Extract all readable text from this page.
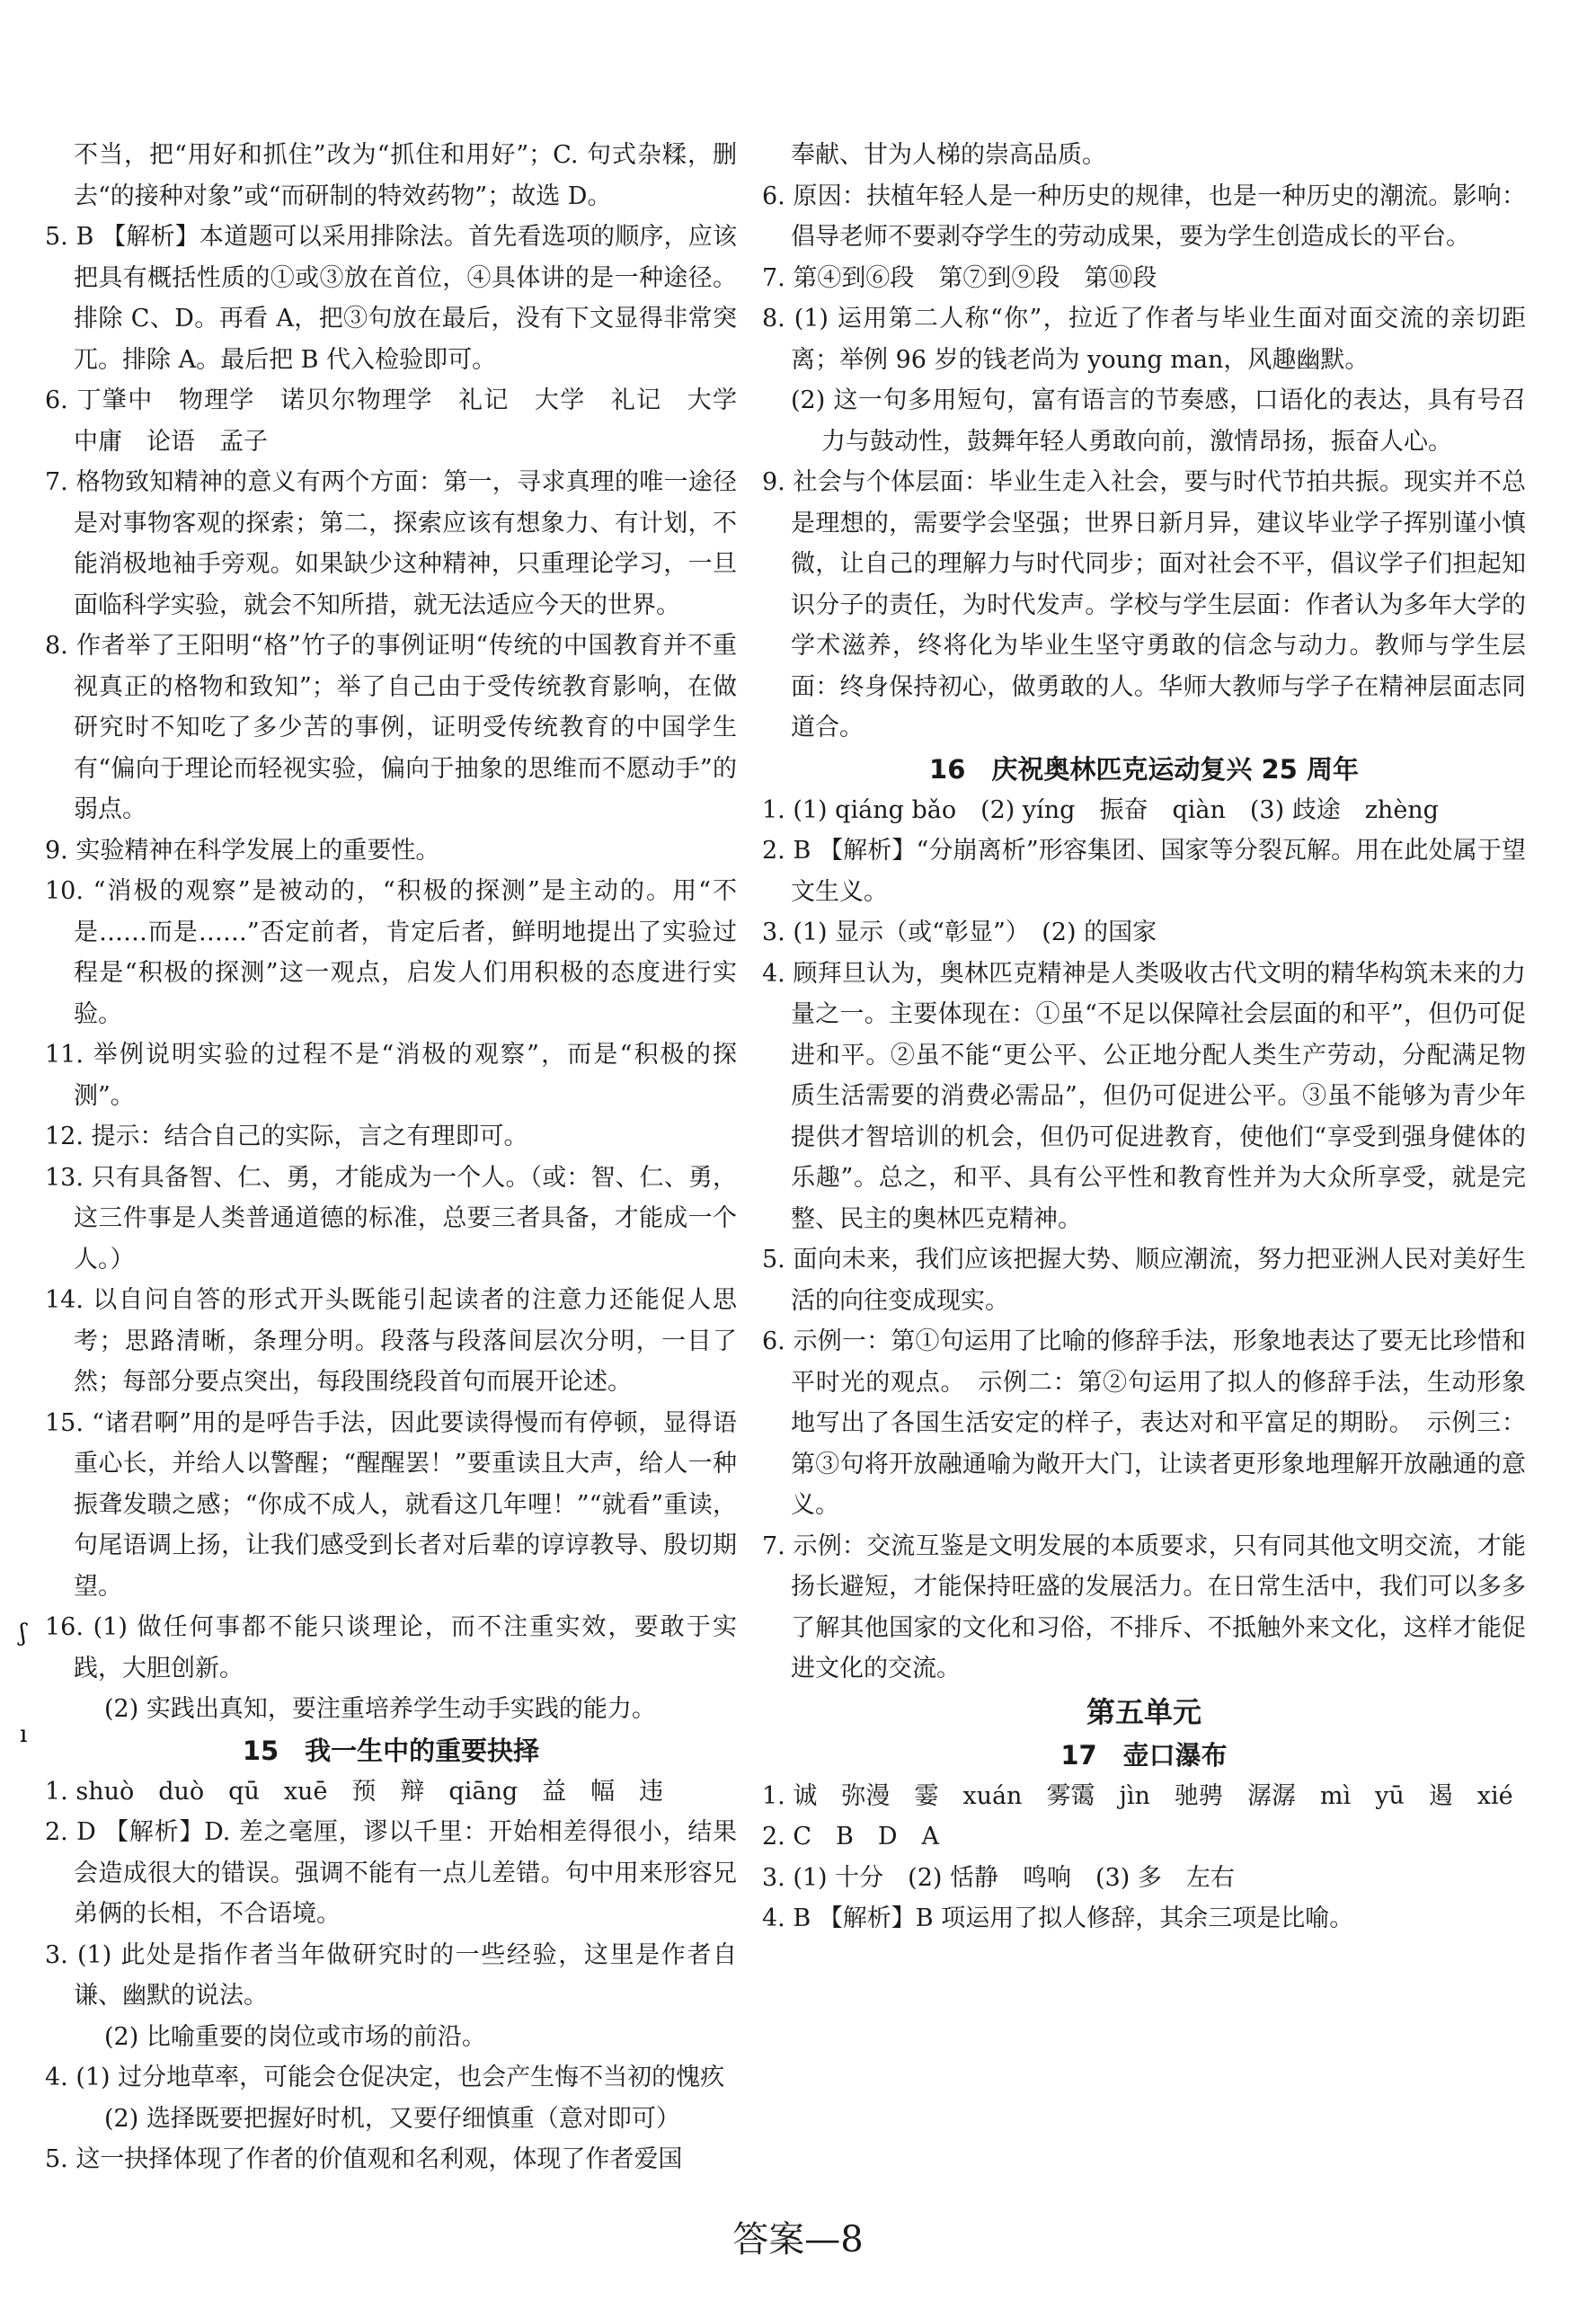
不当，把“用好和抓住”改为“抓住和用好”；C. 句式杂糅，删去“的接种对象”或“而研制的特效药物”；故选 D。
5. B 【解析】本道题可以采用排除法。首先看选项的顺序，应该把具有概括性质的①或③放在首位，④具体讲的是一种途径。排除 C、D。再看 A，把③句放在最后，没有下文显得非常突兀。排除 A。最后把 B 代入检验即可。
6. 丁肇中　物理学　诺贝尔物理学　礼记　大学　礼记　大学　中庸　论语　孟子
7. 格物致知精神的意义有两个方面：第一，寻求真理的唯一途径是对事物客观的探索；第二，探索应该有想象力、有计划，不能消极地袖手旁观。如果缺少这种精神，只重理论学习，一旦面临科学实验，就会不知所措，就无法适应今天的世界。
8. 作者举了王阳明“格”竹子的事例证明“传统的中国教育并不重视真正的格物和致知”；举了自己由于受传统教育影响，在做研究时不知吃了多少苦的事例，证明受传统教育的中国学生有“偏向于理论而轻视实验，偏向于抽象的思维而不愿动手”的弱点。
9. 实验精神在科学发展上的重要性。
10. “消极的观察”是被动的，“积极的探测”是主动的。用“不是……而是……”否定前者，肯定后者，鲜明地提出了实验过程是“积极的探测”这一观点，启发人们用积极的态度进行实验。
11. 举例说明实验的过程不是“消极的观察”，而是“积极的探测”。
12. 提示：结合自己的实际，言之有理即可。
13. 只有具备智、仁、勇，才能成为一个人。（或：智、仁、勇，这三件事是人类普通道德的标准，总要三者具备，才能成一个人。）
14. 以自问自答的形式开头既能引起读者的注意力还能促人思考；思路清晰，条理分明。段落与段落间层次分明，一目了然；每部分要点突出，每段围绕段首句而展开论述。
15. “诸君啊”用的是呼告手法，因此要读得慢而有停顿，显得语重心长，并给人以警醒；“醒醒罢！”要重读且大声，给人一种振聋发聩之感；“你成不成人，就看这几年哩！”“就看”重读，句尾语调上扬，让我们感受到长者对后辈的谆谆教导、殷切期望。
16. (1) 做任何事都不能只谈理论，而不注重实效，要敢于实践，大胆创新。
(2) 实践出真知，要注重培养学生动手实践的能力。
15　我一生中的重要抉择
1. shuò　duò　qū　xuē　预　辩　qiāng　益　幅　违
2. D 【解析】D. 差之毫厘，谬以千里：开始相差得很小，结果会造成很大的错误。强调不能有一点儿差错。句中用来形容兄弟俩的长相，不合语境。
3. (1) 此处是指作者当年做研究时的一些经验，这里是作者自谦、幽默的说法。
(2) 比喻重要的岗位或市场的前沿。
4. (1) 过分地草率，可能会仓促决定，也会产生悔不当初的愧疚
(2) 选择既要把握好时机，又要仔细慎重（意对即可）
5. 这一抉择体现了作者的价值观和名利观，体现了作者爱国
奉献、甘为人梯的崇高品质。
6. 原因：扶植年轻人是一种历史的规律，也是一种历史的潮流。影响：倡导老师不要剥夺学生的劳动成果，要为学生创造成长的平台。
7. 第④到⑥段　第⑦到⑨段　第⑩段
8. (1) 运用第二人称“你”，拉近了作者与毕业生面对面交流的亲切距离；举例 96 岁的钱老尚为 young man，风趣幽默。
(2) 这一句多用短句，富有语言的节奏感，口语化的表达，具有号召力与鼓动性，鼓舞年轻人勇敢向前，激情昂扬，振奋人心。
9. 社会与个体层面：毕业生走入社会，要与时代节拍共振。现实并不总是理想的，需要学会坚强；世界日新月异，建议毕业学子挥别谨小慎微，让自己的理解力与时代同步；面对社会不平，倡议学子们担起知识分子的责任，为时代发声。学校与学生层面：作者认为多年大学的学术滋养，终将化为毕业生坚守勇敢的信念与动力。教师与学生层面：终身保持初心，做勇敢的人。华师大教师与学子在精神层面志同道合。
16　庆祝奥林匹克运动复兴 25 周年
1. (1) qiáng bǎo　(2) yíng　振奋　qiàn　(3) 歧途　zhèng
2. B 【解析】“分崩离析”形容集团、国家等分裂瓦解。用在此处属于望文生义。
3. (1) 显示（或“彰显”）　(2) 的国家
4. 顾拜旦认为，奥林匹克精神是人类吸收古代文明的精华构筑未来的力量之一。主要体现在：①虽“不足以保障社会层面的和平”，但仍可促进和平。②虽不能“更公平、公正地分配人类生产劳动，分配满足物质生活需要的消费必需品”，但仍可促进公平。③虽不能够为青少年提供才智培训的机会，但仍可促进教育，使他们“享受到强身健体的乐趣”。总之，和平、具有公平性和教育性并为大众所享受，就是完整、民主的奥林匹克精神。
5. 面向未来，我们应该把握大势、顺应潮流，努力把亚洲人民对美好生活的向往变成现实。
6. 示例一：第①句运用了比喻的修辞手法，形象地表达了要无比珍惜和平时光的观点。　示例二：第②句运用了拟人的修辞手法，生动形象地写出了各国生活安定的样子，表达对和平富足的期盼。　示例三：第③句将开放融通喻为敞开大门，让读者更形象地理解开放融通的意义。
7. 示例：交流互鉴是文明发展的本质要求，只有同其他文明交流，才能扬长避短，才能保持旺盛的发展活力。在日常生活中，我们可以多多了解其他国家的文化和习俗，不排斥、不抵触外来文化，这样才能促进文化的交流。
第五单元
17　壶口瀑布
1. 诚　弥漫　霎　xuán　雾霭　jìn　驰骋　潺潺　mì　yū　遏　xié
2. C　B　D　A
3. (1) 十分　(2) 恬静　鸣响　(3) 多　左右
4. B 【解析】B 项运用了拟人修辞，其余三项是比喻。
答案—8
ʃ
ı
